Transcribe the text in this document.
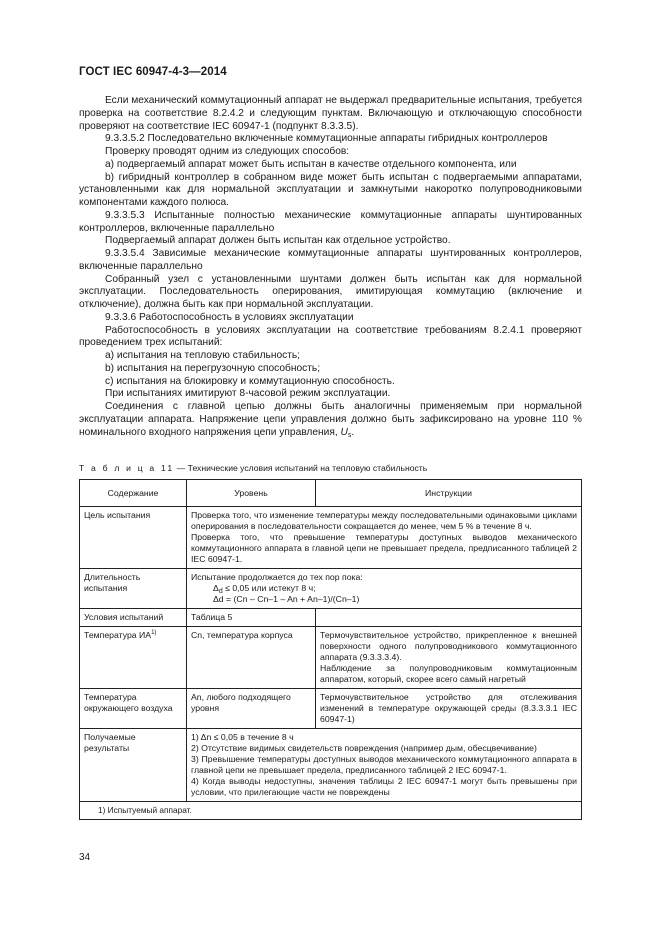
ГОСТ IEC 60947-4-3—2014

Если механический коммутационный аппарат не выдержал предварительные испытания, требуется проверка на соответствие 8.2.4.2 и следующим пунктам. Включающую и отключающую способности проверяют на соответствие IEC 60947-1 (подпункт 8.3.3.5).

9.3.3.5.2 Последовательно включенные коммутационные аппараты гибридных контроллеров

Проверку проводят одним из следующих способов:

a) подвергаемый аппарат может быть испытан в качестве отдельного компонента, или

b) гибридный контроллер в собранном виде может быть испытан с подвергаемыми аппаратами, установленными как для нормальной эксплуатации и замкнутыми накоротко полупроводниковыми компонентами каждого полюса.

9.3.3.5.3 Испытанные полностью механические коммутационные аппараты шунтированных контроллеров, включенные параллельно

Подвергаемый аппарат должен быть испытан как отдельное устройство.

9.3.3.5.4 Зависимые механические коммутационные аппараты шунтированных контроллеров, включенные параллельно

Собранный узел с установленными шунтами должен быть испытан как для нормальной эксплуатации. Последовательность оперирования, имитирующая коммутацию (включение и отключение), должна быть как при нормальной эксплуатации.

9.3.3.6 Работоспособность в условиях эксплуатации

Работоспособность в условиях эксплуатации на соответствие требованиям 8.2.4.1 проверяют проведением трех испытаний:

a) испытания на тепловую стабильность;

b) испытания на перегрузочную способность;

c) испытания на блокировку и коммутационную способность.

При испытаниях имитируют 8-часовой режим эксплуатации.

Соединения с главной цепью должны быть аналогичны применяемым при нормальной эксплуатации аппарата. Напряжение цепи управления должно быть зафиксировано на уровне 110 % номинального входного напряжения цепи управления, $U_s$.

Т а б л и ц а 11 — Технические условия испытаний на тепловую стабильность
Содержание	Уровень	Инструкции
Цель испытания	Проверка того, что изменение температуры между последовательными одинаковыми циклами оперирования в последовательности сокращается до менее, чем 5 % в течение 8 ч.
Проверка того, что превышение температуры доступных выводов механического коммутационного аппарата в главной цепи не превышает предела, предписанного таблицей 2 IEC 60947-1.	

Длительность испытания	Испытание продолжается до тех пор пока:
$\Delta_d \le 0,05$ или истекут 8 ч;
Δd = (Cn – Cn–1 – An + An–1)/(Cn–1)	

Условия испытаний	Таблица 5	
Температура ИА$^{1)}$	Cn, температура корпуса	Термочувствительное устройство, прикрепленное к внешней поверхности одного полупроводникового коммутационного аппарата (9.3.3.3.4).
Наблюдение за полупроводниковым коммутационным аппаратом, который, скорее всего самый нагретый

Температура окружающего воздуха	An, любого подходящего уровня	Термочувствительное устройство для отслеживания изменений в температуре окружающей среды (8.3.3.3.1 IEC 60947-1)
Получаемые результаты	1) Δn ≤ 0,05 в течение 8 ч
2) Отсутствие видимых свидетельств повреждения (например дым, обесцвечивание)
3) Превышение температуры доступных выводов механического коммутационного аппарата в главной цепи не превышает предела, предписанного таблицей 2 IEC 60947-1.
4) Когда выводы недоступны, значения таблицы 2 IEC 60947-1 могут быть превышены при условии, что прилегающие части не повреждены	

1) Испытуемый аппарат.		
34
